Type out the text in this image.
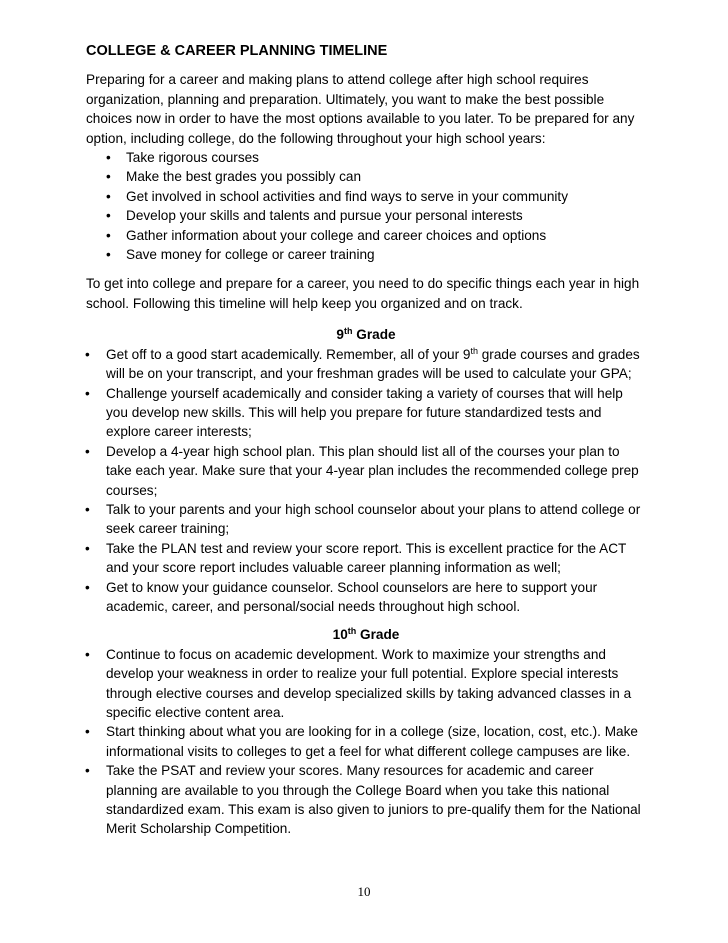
COLLEGE & CAREER PLANNING TIMELINE

Preparing for a career and making plans to attend college after high school requires organization, planning and preparation. Ultimately, you want to make the best possible choices now in order to have the most options available to you later. To be prepared for any option, including college, do the following throughout your high school years:

• Take rigorous courses
• Make the best grades you possibly can
• Get involved in school activities and find ways to serve in your community
• Develop your skills and talents and pursue your personal interests
• Gather information about your college and career choices and options
• Save money for college or career training

To get into college and prepare for a career, you need to do specific things each year in high school. Following this timeline will help keep you organized and on track.

9th Grade

• Get off to a good start academically. Remember, all of your 9th grade courses and grades will be on your transcript, and your freshman grades will be used to calculate your GPA;
• Challenge yourself academically and consider taking a variety of courses that will help you develop new skills. This will help you prepare for future standardized tests and explore career interests;
• Develop a 4-year high school plan. This plan should list all of the courses your plan to take each year. Make sure that your 4-year plan includes the recommended college prep courses;
• Talk to your parents and your high school counselor about your plans to attend college or seek career training;
• Take the PLAN test and review your score report. This is excellent practice for the ACT and your score report includes valuable career planning information as well;
• Get to know your guidance counselor. School counselors are here to support your academic, career, and personal/social needs throughout high school.

10th Grade

• Continue to focus on academic development. Work to maximize your strengths and develop your weakness in order to realize your full potential. Explore special interests through elective courses and develop specialized skills by taking advanced classes in a specific elective content area.
• Start thinking about what you are looking for in a college (size, location, cost, etc.). Make informational visits to colleges to get a feel for what different college campuses are like.
• Take the PSAT and review your scores. Many resources for academic and career planning are available to you through the College Board when you take this national standardized exam. This exam is also given to juniors to pre-qualify them for the National Merit Scholarship Competition.
10
